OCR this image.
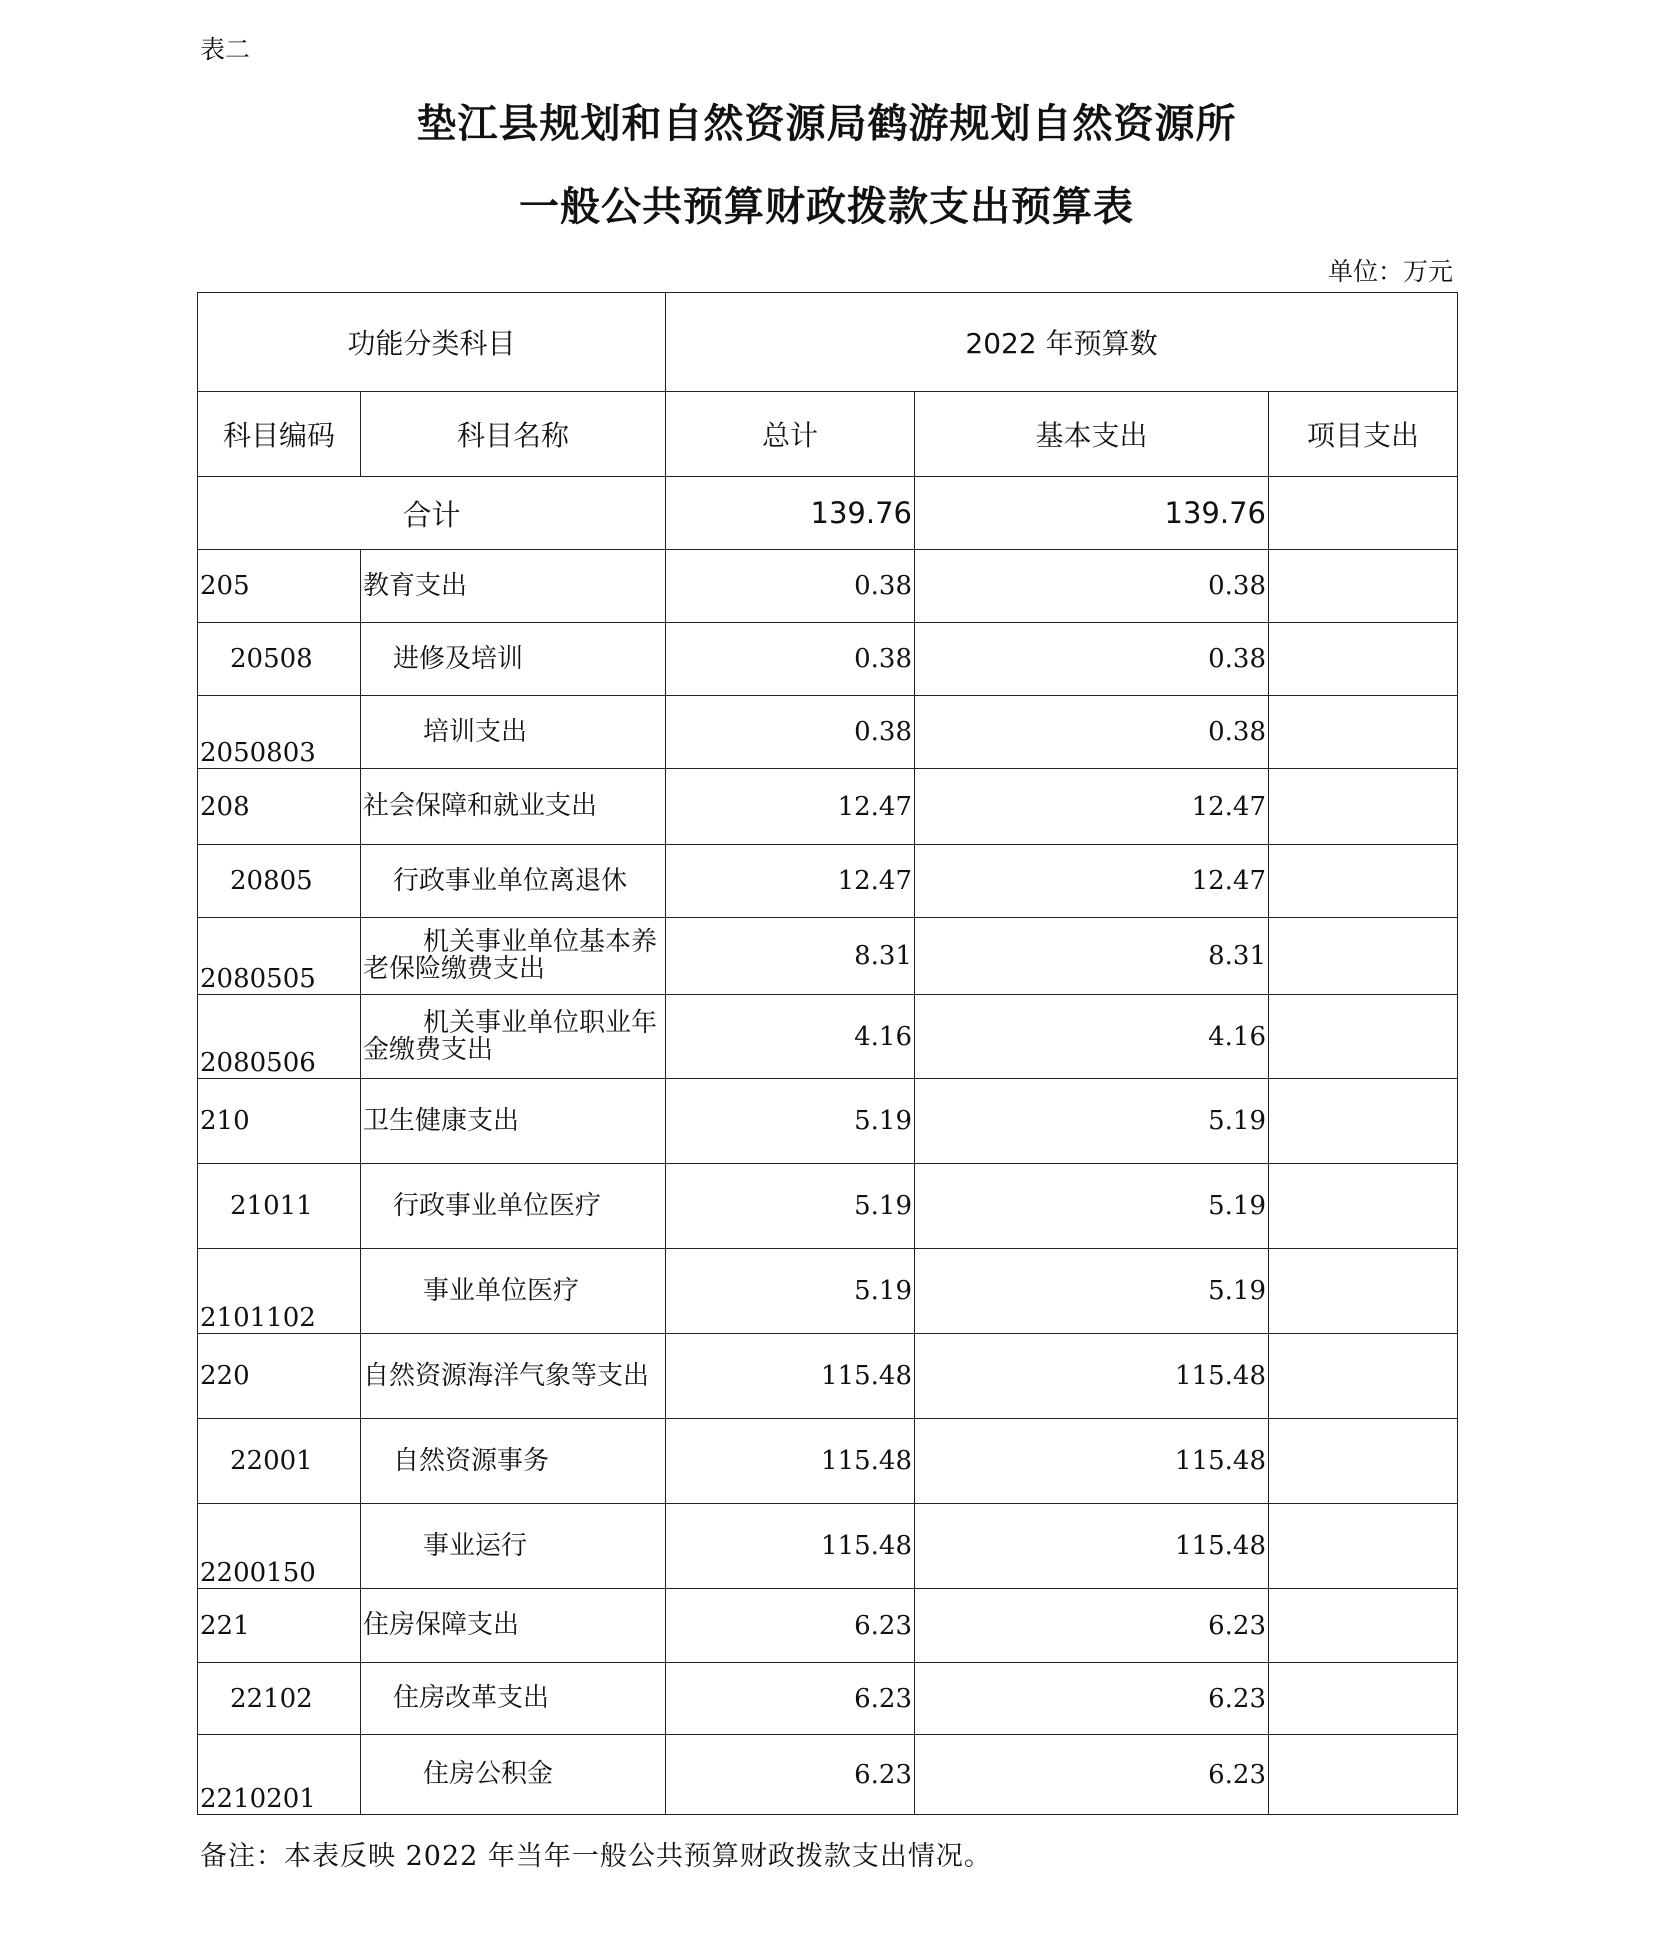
表二
垫江县规划和自然资源局鹤游规划自然资源所
一般公共预算财政拨款支出预算表
单位：万元
功能分类科目		2022 年预算数		
科目编码	科目名称	总计	基本支出	项目支出
合计		139.76	139.76	
205	教育支出	0.38	0.38	
20508	进修及培训	0.38	0.38	
2050803	培训支出	0.38	0.38	
208	社会保障和就业支出	12.47	12.47	
20805	行政事业单位离退休	12.47	12.47	
2080505	机关事业单位基本养老保险缴费支出	8.31	8.31	
2080506	机关事业单位职业年金缴费支出	4.16	4.16	
210	卫生健康支出	5.19	5.19	
21011	行政事业单位医疗	5.19	5.19	
2101102	事业单位医疗	5.19	5.19	
220	自然资源海洋气象等支出	115.48	115.48	
22001	自然资源事务	115.48	115.48	
2200150	事业运行	115.48	115.48	
221	住房保障支出	6.23	6.23	
22102	住房改革支出	6.23	6.23	
2210201	住房公积金	6.23	6.23	
备注：本表反映 2022 年当年一般公共预算财政拨款支出情况。
